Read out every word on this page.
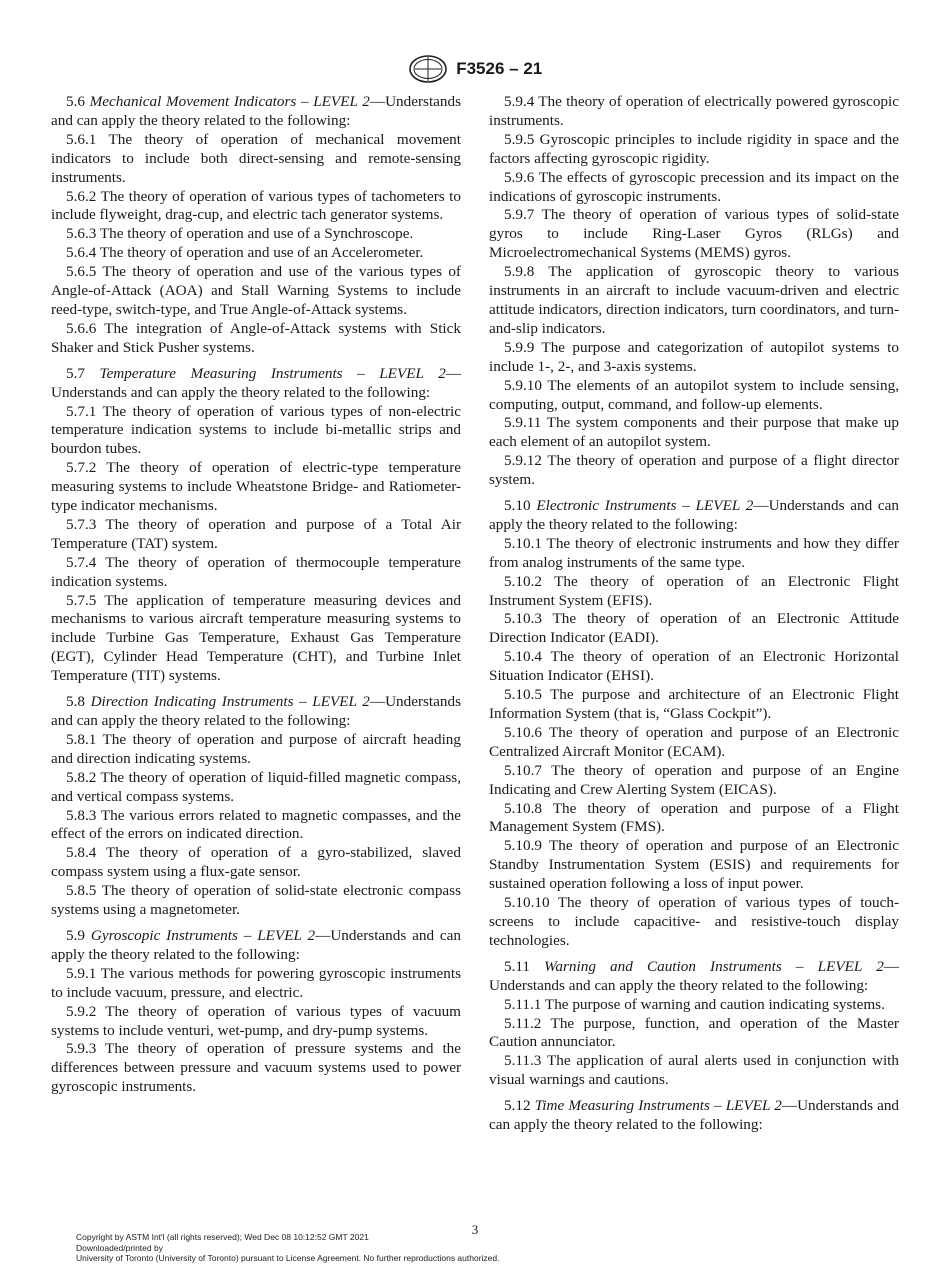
F3526 – 21

5.6 Mechanical Movement Indicators – LEVEL 2—Understands and can apply the theory related to the following:

5.6.1 The theory of operation of mechanical movement indicators to include both direct-sensing and remote-sensing instruments.

5.6.2 The theory of operation of various types of tachometers to include flyweight, drag-cup, and electric tach generator systems.

5.6.3 The theory of operation and use of a Synchroscope.

5.6.4 The theory of operation and use of an Accelerometer.

5.6.5 The theory of operation and use of the various types of Angle-of-Attack (AOA) and Stall Warning Systems to include reed-type, switch-type, and True Angle-of-Attack systems.

5.6.6 The integration of Angle-of-Attack systems with Stick Shaker and Stick Pusher systems.

5.7 Temperature Measuring Instruments – LEVEL 2—Understands and can apply the theory related to the following:

5.7.1 The theory of operation of various types of non-electric temperature indication systems to include bi-metallic strips and bourdon tubes.

5.7.2 The theory of operation of electric-type temperature measuring systems to include Wheatstone Bridge- and Ratiometer-type indicator mechanisms.

5.7.3 The theory of operation and purpose of a Total Air Temperature (TAT) system.

5.7.4 The theory of operation of thermocouple temperature indication systems.

5.7.5 The application of temperature measuring devices and mechanisms to various aircraft temperature measuring systems to include Turbine Gas Temperature, Exhaust Gas Temperature (EGT), Cylinder Head Temperature (CHT), and Turbine Inlet Temperature (TIT) systems.

5.8 Direction Indicating Instruments – LEVEL 2—Understands and can apply the theory related to the following:

5.8.1 The theory of operation and purpose of aircraft heading and direction indicating systems.

5.8.2 The theory of operation of liquid-filled magnetic compass, and vertical compass systems.

5.8.3 The various errors related to magnetic compasses, and the effect of the errors on indicated direction.

5.8.4 The theory of operation of a gyro-stabilized, slaved compass system using a flux-gate sensor.

5.8.5 The theory of operation of solid-state electronic compass systems using a magnetometer.

5.9 Gyroscopic Instruments – LEVEL 2—Understands and can apply the theory related to the following:

5.9.1 The various methods for powering gyroscopic instruments to include vacuum, pressure, and electric.

5.9.2 The theory of operation of various types of vacuum systems to include venturi, wet-pump, and dry-pump systems.

5.9.3 The theory of operation of pressure systems and the differences between pressure and vacuum systems used to power gyroscopic instruments.

5.9.4 The theory of operation of electrically powered gyroscopic instruments.

5.9.5 Gyroscopic principles to include rigidity in space and the factors affecting gyroscopic rigidity.

5.9.6 The effects of gyroscopic precession and its impact on the indications of gyroscopic instruments.

5.9.7 The theory of operation of various types of solid-state gyros to include Ring-Laser Gyros (RLGs) and Microelectromechanical Systems (MEMS) gyros.

5.9.8 The application of gyroscopic theory to various instruments in an aircraft to include vacuum-driven and electric attitude indicators, direction indicators, turn coordinators, and turn-and-slip indicators.

5.9.9 The purpose and categorization of autopilot systems to include 1-, 2-, and 3-axis systems.

5.9.10 The elements of an autopilot system to include sensing, computing, output, command, and follow-up elements.

5.9.11 The system components and their purpose that make up each element of an autopilot system.

5.9.12 The theory of operation and purpose of a flight director system.

5.10 Electronic Instruments – LEVEL 2—Understands and can apply the theory related to the following:

5.10.1 The theory of electronic instruments and how they differ from analog instruments of the same type.

5.10.2 The theory of operation of an Electronic Flight Instrument System (EFIS).

5.10.3 The theory of operation of an Electronic Attitude Direction Indicator (EADI).

5.10.4 The theory of operation of an Electronic Horizontal Situation Indicator (EHSI).

5.10.5 The purpose and architecture of an Electronic Flight Information System (that is, “Glass Cockpit”).

5.10.6 The theory of operation and purpose of an Electronic Centralized Aircraft Monitor (ECAM).

5.10.7 The theory of operation and purpose of an Engine Indicating and Crew Alerting System (EICAS).

5.10.8 The theory of operation and purpose of a Flight Management System (FMS).

5.10.9 The theory of operation and purpose of an Electronic Standby Instrumentation System (ESIS) and requirements for sustained operation following a loss of input power.

5.10.10 The theory of operation of various types of touch-screens to include capacitive- and resistive-touch display technologies.

5.11 Warning and Caution Instruments – LEVEL 2—Understands and can apply the theory related to the following:

5.11.1 The purpose of warning and caution indicating systems.

5.11.2 The purpose, function, and operation of the Master Caution annunciator.

5.11.3 The application of aural alerts used in conjunction with visual warnings and cautions.

5.12 Time Measuring Instruments – LEVEL 2—Understands and can apply the theory related to the following:

3
Copyright by ASTM Int'l (all rights reserved); Wed Dec 08 10:12:52 GMT 2021
Downloaded/printed by
University of Toronto (University of Toronto) pursuant to License Agreement. No further reproductions authorized.
